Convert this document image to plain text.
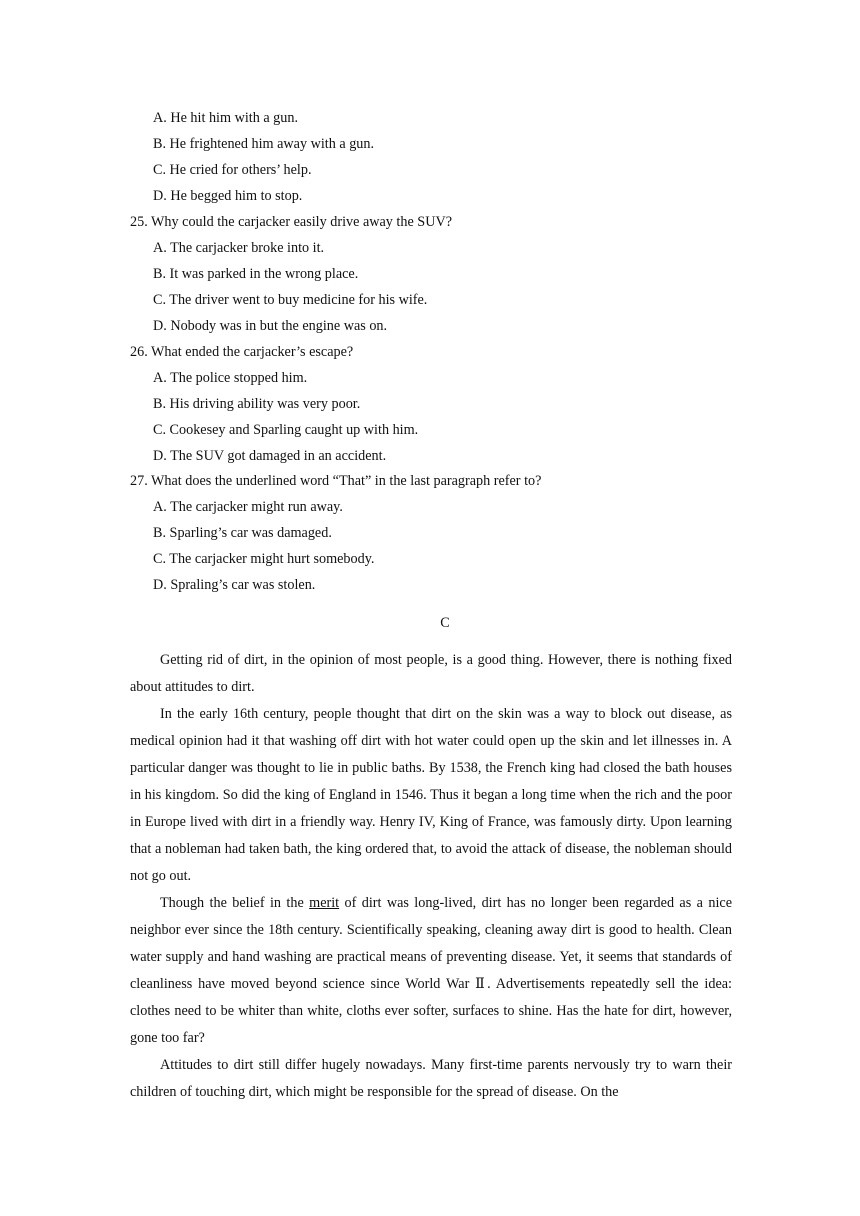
A. He hit him with a gun.
B. He frightened him away with a gun.
C. He cried for others’ help.
D. He begged him to stop.
25. Why could the carjacker easily drive away the SUV?
A. The carjacker broke into it.
B. It was parked in the wrong place.
C. The driver went to buy medicine for his wife.
D. Nobody was in but the engine was on.
26. What ended the carjacker’s escape?
A. The police stopped him.
B. His driving ability was very poor.
C. Cookesey and Sparling caught up with him.
D. The SUV got damaged in an accident.
27. What does the underlined word “That” in the last paragraph refer to?
A. The carjacker might run away.
B. Sparling’s car was damaged.
C. The carjacker might hurt somebody.
D. Spraling’s car was stolen.
C

Getting rid of dirt, in the opinion of most people, is a good thing. However, there is nothing fixed about attitudes to dirt.

In the early 16th century, people thought that dirt on the skin was a way to block out disease, as medical opinion had it that washing off dirt with hot water could open up the skin and let illnesses in. A particular danger was thought to lie in public baths. By 1538, the French king had closed the bath houses in his kingdom. So did the king of England in 1546. Thus it began a long time when the rich and the poor in Europe lived with dirt in a friendly way. Henry IV, King of France, was famously dirty. Upon learning that a nobleman had taken bath, the king ordered that, to avoid the attack of disease, the nobleman should not go out.

Though the belief in the merit of dirt was long-lived, dirt has no longer been regarded as a nice neighbor ever since the 18th century. Scientifically speaking, cleaning away dirt is good to health. Clean water supply and hand washing are practical means of preventing disease. Yet, it seems that standards of cleanliness have moved beyond science since World War Ⅱ. Advertisements repeatedly sell the idea: clothes need to be whiter than white, cloths ever softer, surfaces to shine. Has the hate for dirt, however, gone too far?

Attitudes to dirt still differ hugely nowadays. Many first-time parents nervously try to warn their children of touching dirt, which might be responsible for the spread of disease. On the
